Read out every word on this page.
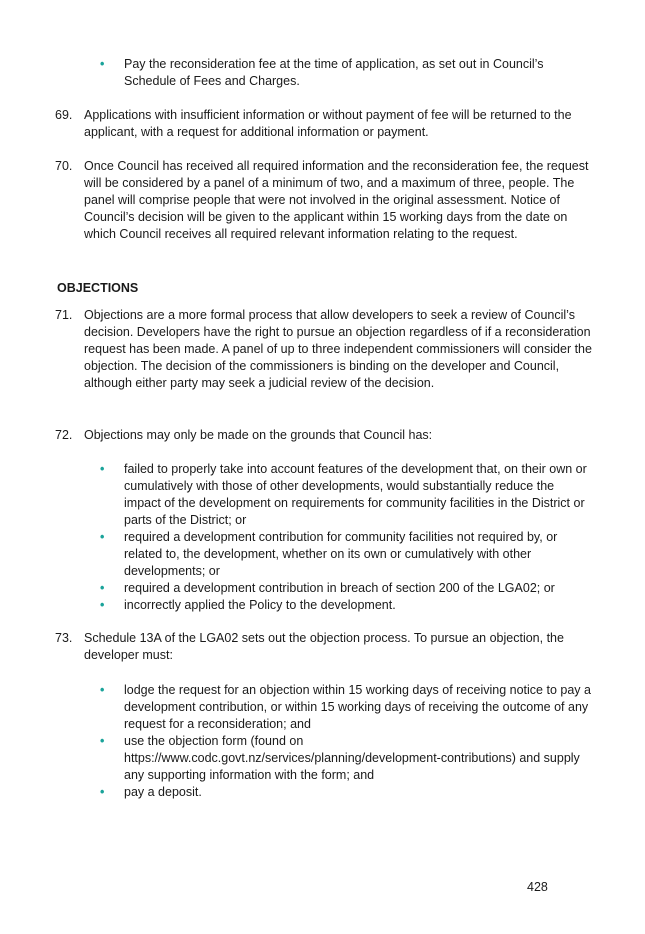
• Pay the reconsideration fee at the time of application, as set out in Council’s Schedule of Fees and Charges.
69. Applications with insufficient information or without payment of fee will be returned to the applicant, with a request for additional information or payment.
70. Once Council has received all required information and the reconsideration fee, the request will be considered by a panel of a minimum of two, and a maximum of three, people. The panel will comprise people that were not involved in the original assessment. Notice of Council’s decision will be given to the applicant within 15 working days from the date on which Council receives all required relevant information relating to the request.
OBJECTIONS
71. Objections are a more formal process that allow developers to seek a review of Council’s decision. Developers have the right to pursue an objection regardless of if a reconsideration request has been made. A panel of up to three independent commissioners will consider the objection. The decision of the commissioners is binding on the developer and Council, although either party may seek a judicial review of the decision.
72. Objections may only be made on the grounds that Council has:
• failed to properly take into account features of the development that, on their own or cumulatively with those of other developments, would substantially reduce the impact of the development on requirements for community facilities in the District or parts of the District; or
• required a development contribution for community facilities not required by, or related to, the development, whether on its own or cumulatively with other developments; or
• required a development contribution in breach of section 200 of the LGA02; or
• incorrectly applied the Policy to the development.
73. Schedule 13A of the LGA02 sets out the objection process. To pursue an objection, the developer must:
• lodge the request for an objection within 15 working days of receiving notice to pay a development contribution, or within 15 working days of receiving the outcome of any request for a reconsideration; and
• use the objection form (found on https://www.codc.govt.nz/services/planning/development-contributions) and supply any supporting information with the form; and
• pay a deposit.
428
